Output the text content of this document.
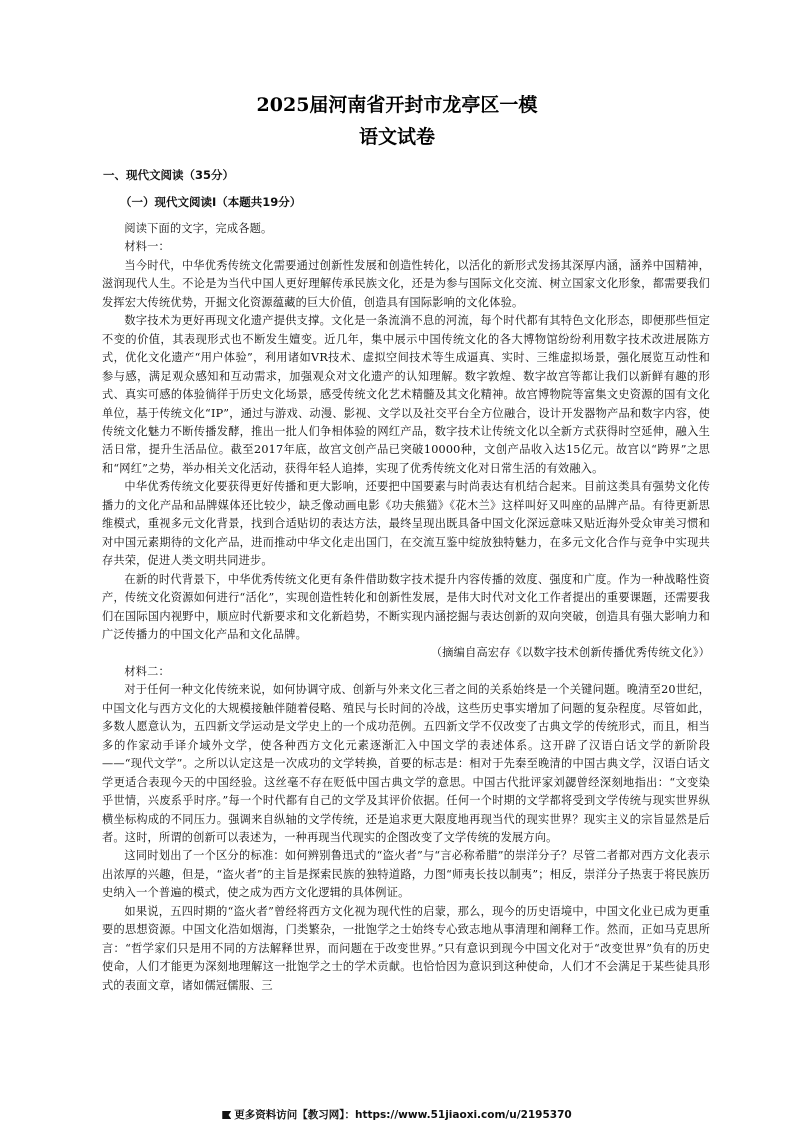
2025届河南省开封市龙亭区一模
语文试卷
一、现代文阅读（35分）
（一）现代文阅读Ⅰ（本题共19分）

阅读下面的文字，完成各题。

材料一：

当今时代，中华优秀传统文化需要通过创新性发展和创造性转化，以活化的新形式发扬其深厚内涵，涵养中国精神，滋润现代人生。不论是为当代中国人更好理解传承民族文化，还是为参与国际文化交流、树立国家文化形象，都需要我们发挥宏大传统优势，开掘文化资源蕴藏的巨大价值，创造具有国际影响的文化体验。

数字技术为更好再现文化遗产提供支撑。文化是一条流淌不息的河流，每个时代都有其特色文化形态，即便那些恒定不变的价值，其表现形式也不断发生嬗变。近几年，集中展示中国传统文化的各大博物馆纷纷利用数字技术改进展陈方式，优化文化遗产“用户体验”，利用诸如VR技术、虚拟空间技术等生成逼真、实时、三维虚拟场景，强化展览互动性和参与感，满足观众感知和互动需求，加强观众对文化遗产的认知理解。数字敦煌、数字故宫等都让我们以新鲜有趣的形式、真实可感的体验徜徉于历史文化场景，感受传统文化艺术精髓及其文化精神。故宫博物院等富集文史资源的国有文化单位，基于传统文化“IP”，通过与游戏、动漫、影视、文学以及社交平台全方位融合，设计开发器物产品和数字内容，使传统文化魅力不断传播发酵，推出一批人们争相体验的网红产品，数字技术让传统文化以全新方式获得时空延伸，融入生活日常，提升生活品位。截至2017年底，故宫文创产品已突破10000种，文创产品收入达15亿元。故宫以“跨界”之思和“网红”之势，举办相关文化活动，获得年轻人追捧，实现了优秀传统文化对日常生活的有效融入。

中华优秀传统文化要获得更好传播和更大影响，还要把中国要素与时尚表达有机结合起来。目前这类具有强势文化传播力的文化产品和品牌媒体还比较少，缺乏像动画电影《功夫熊猫》《花木兰》这样叫好又叫座的品牌产品。有待更新思维模式，重视多元文化背景，找到合适贴切的表达方法，最终呈现出既具备中国文化深远意味又贴近海外受众审美习惯和对中国元素期待的文化产品，进而推动中华文化走出国门，在交流互鉴中绽放独特魅力，在多元文化合作与竞争中实现共存共荣，促进人类文明共同进步。

在新的时代背景下，中华优秀传统文化更有条件借助数字技术提升内容传播的效度、强度和广度。作为一种战略性资产，传统文化资源如何进行“活化”，实现创造性转化和创新性发展，是伟大时代对文化工作者提出的重要课题，还需要我们在国际国内视野中，顺应时代新要求和文化新趋势，不断实现内涵挖掘与表达创新的双向突破，创造具有强大影响力和广泛传播力的中国文化产品和文化品牌。

（摘编自高宏存《以数字技术创新传播优秀传统文化》）

材料二：

对于任何一种文化传统来说，如何协调守成、创新与外来文化三者之间的关系始终是一个关键问题。晚清至20世纪，中国文化与西方文化的大规模接触伴随着侵略、殖民与长时间的冷战，这些历史事实增加了问题的复杂程度。尽管如此，多数人愿意认为，五四新文学运动是文学史上的一个成功范例。五四新文学不仅改变了古典文学的传统形式，而且，相当多的作家动手译介域外文学，使各种西方文化元素逐渐汇入中国文学的表述体系。这开辟了汉语白话文学的新阶段——“现代文学”。之所以认定这是一次成功的文学转换，首要的标志是：相对于先秦至晚清的中国古典文学，汉语白话文学更适合表现今天的中国经验。这丝毫不存在贬低中国古典文学的意思。中国古代批评家刘勰曾经深刻地指出：“文变染乎世情，兴废系乎时序。”每一个时代都有自己的文学及其评价依据。任何一个时期的文学都将受到文学传统与现实世界纵横坐标构成的不同压力。强调来自纵轴的文学传统，还是追求更大限度地再现当代的现实世界？现实主义的宗旨显然是后者。这时，所谓的创新可以表述为，一种再现当代现实的企图改变了文学传统的发展方向。

这同时划出了一个区分的标准：如何辨别鲁迅式的“盗火者”与“言必称希腊”的崇洋分子？尽管二者都对西方文化表示出浓厚的兴趣，但是，“盗火者”的主旨是探索民族的独特道路，力图“师夷长技以制夷”；相反，崇洋分子热衷于将民族历史纳入一个普遍的模式，使之成为西方文化逻辑的具体例证。

如果说，五四时期的“盗火者”曾经将西方文化视为现代性的启蒙，那么，现今的历史语境中，中国文化业已成为更重要的思想资源。中国文化浩如烟海，门类繁杂，一批饱学之士始终专心致志地从事清理和阐释工作。然而，正如马克思所言：“哲学家们只是用不同的方法解释世界，而问题在于改变世界。”只有意识到现今中国文化对于“改变世界”负有的历史使命，人们才能更为深刻地理解这一批饱学之士的学术贡献。也恰恰因为意识到这种使命，人们才不会满足于某些徒具形式的表面文章，诸如儒冠儒服、三

更多资料访问【教习网】：https://www.51jiaoxi.com/u/2195370
